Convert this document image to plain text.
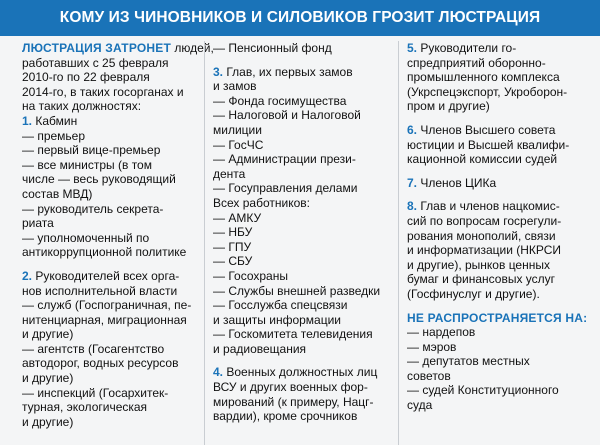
КОМУ ИЗ ЧИНОВНИКОВ И СИЛОВИКОВ ГРОЗИТ ЛЮСТРАЦИЯ
ЛЮСТРАЦИЯ ЗАТРОНЕТ людей,
работавших с 25 февраля
2010-го по 22 февраля
2014-го, в таких госорганах и
на таких должностях:
1. Кабмин
— премьер
— первый вице-премьер
— все министры (в том
числе — весь руководящий
состав МВД)
— руководитель секрета-
риата
— уполномоченный по
антикоррупционной политике
2. Руководителей всех орга-
нов исполнительной власти
— служб (Госпограничная, пе-
нитенциарная, миграционная
и другие)
— агентств (Госагентство
автодорог, водных ресурсов
и другие)
— инспекций (Госархитек-
турная, экологическая
и другие)
— Пенсионный фонд
3. Глав, их первых замов
и замов
— Фонда госимущества
— Налоговой и Налоговой
милиции
— ГосЧС
— Администрации прези-
дента
— Госуправления делами
Всех работников:
— АМКУ
— НБУ
— ГПУ
— СБУ
— Госохраны
— Службы внешней разведки
— Госслужба спецсвязи
и защиты информации
— Госкомитета телевидения
и радиовещания
4. Военных должностных лиц
ВСУ и других военных фор-
мирований (к примеру, Нацг-
вардии), кроме срочников
5. Руководители го-
спредприятий оборонно-
промышленного комплекса
(Укрспецэкспорт, Укроборон-
пром и другие)
6. Членов Высшего совета
юстиции и Высшей квалифи-
кационной комиссии судей
7. Членов ЦИКа
8. Глав и членов нацкомис-
сий по вопросам госрегули-
рования монополий, связи
и информатизации (НКРСИ
и другие), рынков ценных
бумаг и финансовых услуг
(Госфинуслуг и другие).
НЕ РАСПРОСТРАНЯЕТСЯ НА:
— нардепов
— мэров
— депутатов местных
советов
— судей Конституционного
суда
